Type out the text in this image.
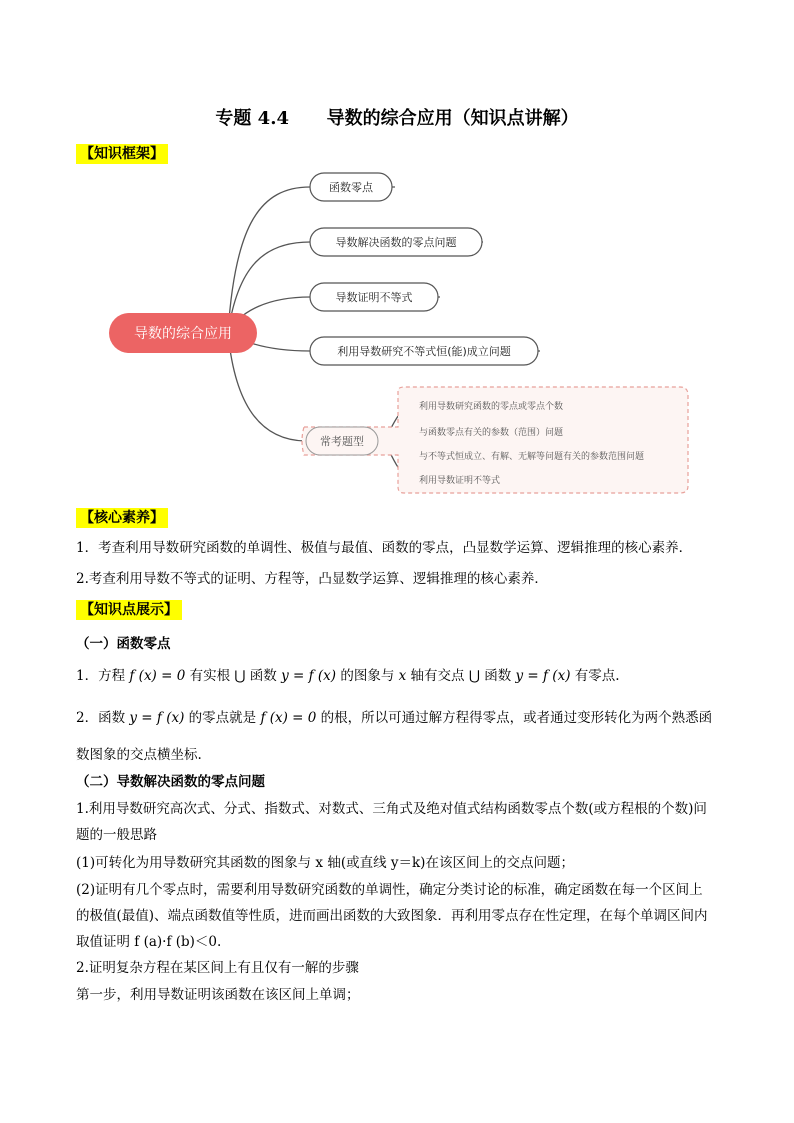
专题 4.4      导数的综合应用（知识点讲解）
【知识框架】
导数的综合应用
函数零点
导数解决函数的零点问题
导数证明不等式
利用导数研究不等式恒(能)成立问题
常考题型
利用导数研究函数的零点或零点个数
与函数零点有关的参数（范围）问题
与不等式恒成立、有解、无解等问题有关的参数范围问题
利用导数证明不等式
【核心素养】
1．考查利用导数研究函数的单调性、极值与最值、函数的零点，凸显数学运算、逻辑推理的核心素养．
2.考查利用导数不等式的证明、方程等，凸显数学运算、逻辑推理的核心素养．
【知识点展示】
（一）函数零点
1．方程 f (x) = 0 有实根 ⋃ 函数 y = f (x) 的图象与 x 轴有交点 ⋃ 函数 y = f (x) 有零点.
2．函数 y = f (x) 的零点就是 f (x) = 0 的根，所以可通过解方程得零点，或者通过变形转化为两个熟悉函
数图象的交点横坐标.
（二）导数解决函数的零点问题
1.利用导数研究高次式、分式、指数式、对数式、三角式及绝对值式结构函数零点个数(或方程根的个数)问
题的一般思路
(1)可转化为用导数研究其函数的图象与 x 轴(或直线 y＝k)在该区间上的交点问题；
(2)证明有几个零点时，需要利用导数研究函数的单调性，确定分类讨论的标准，确定函数在每一个区间上
的极值(最值)、端点函数值等性质，进而画出函数的大致图象．再利用零点存在性定理，在每个单调区间内
取值证明 f (a)·f (b)＜0.
2.证明复杂方程在某区间上有且仅有一解的步骤
第一步，利用导数证明该函数在该区间上单调；
